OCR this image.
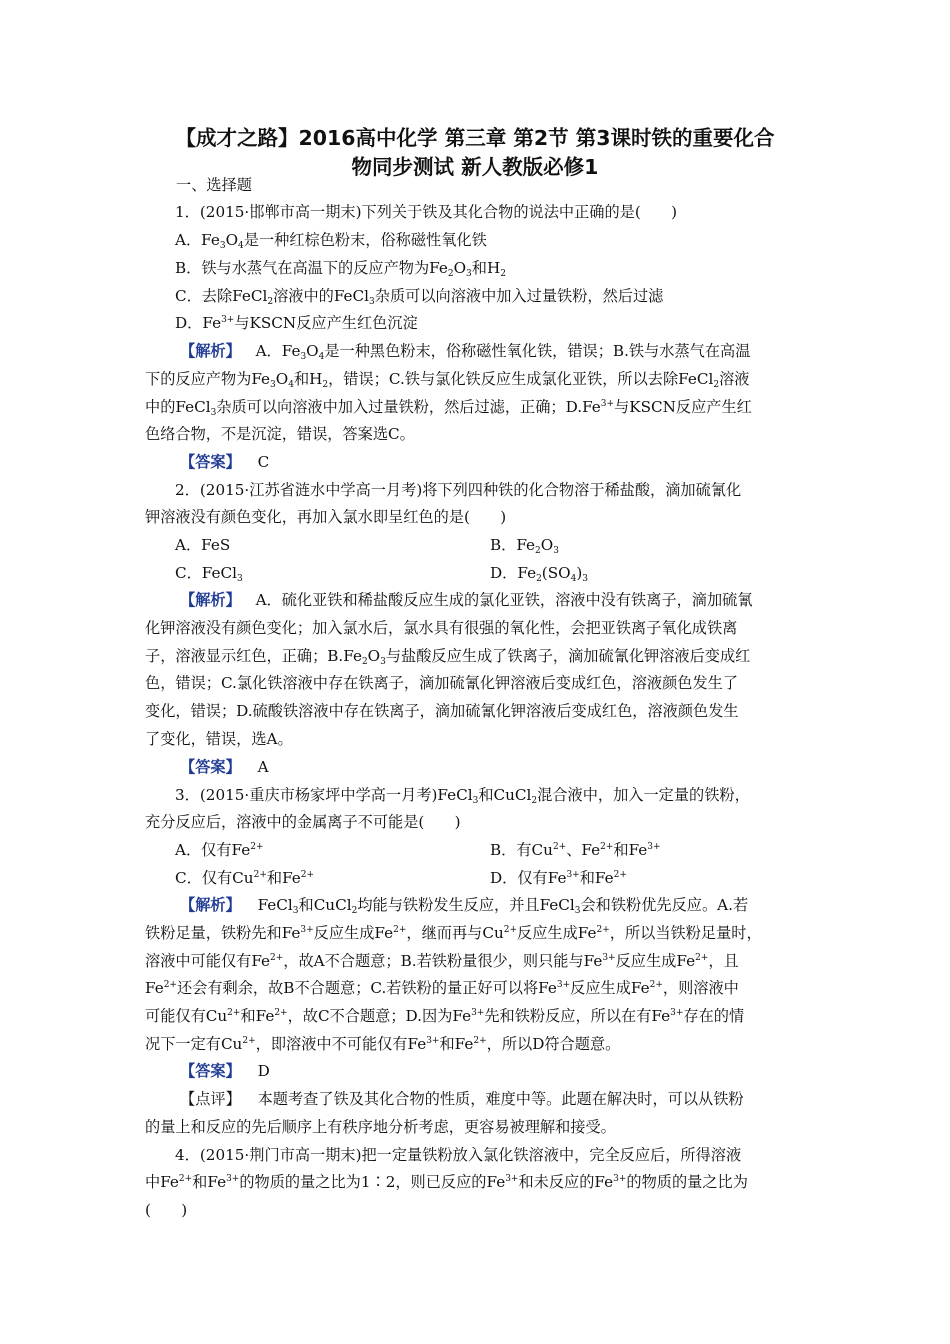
【成才之路】2016高中化学 第三章 第2节 第3课时铁的重要化合
物同步测试 新人教版必修1
一、选择题
1．(2015·邯郸市高一期末)下列关于铁及其化合物的说法中正确的是(　　)
A．$Fe_3O_4$是一种红棕色粉末，俗称磁性氧化铁
B．铁与水蒸气在高温下的反应产物为$Fe_2O_3$和$H_2$
C．去除FeCl$_2$溶液中的FeCl$_3$杂质可以向溶液中加入过量铁粉，然后过滤
D．$Fe^{3+}$与KSCN反应产生红色沉淀
【解析】 A．$Fe_3O_4$是一种黑色粉末，俗称磁性氧化铁，错误；B.铁与水蒸气在高温
下的反应产物为$Fe_3O_4$和$H_2$，错误；C.铁与氯化铁反应生成氯化亚铁，所以去除FeCl$_2$溶液
中的FeCl$_3$杂质可以向溶液中加入过量铁粉，然后过滤，正确；$D.Fe^{3+}$与KSCN反应产生红
色络合物，不是沉淀，错误，答案选C。
【答案】 C
2．(2015·江苏省涟水中学高一月考)将下列四种铁的化合物溶于稀盐酸，滴加硫氰化
钾溶液没有颜色变化，再加入氯水即呈红色的是(　　)
A．FeS	B．$Fe_2O_3$
C．FeCl$_3$	D．$Fe_2(SO_4)_3$
【解析】 A．硫化亚铁和稀盐酸反应生成的氯化亚铁，溶液中没有铁离子，滴加硫氰
化钾溶液没有颜色变化；加入氯水后，氯水具有很强的氧化性，会把亚铁离子氧化成铁离
子，溶液显示红色，正确；$B.Fe_2O_3$与盐酸反应生成了铁离子，滴加硫氰化钾溶液后变成红
色，错误；C.氯化铁溶液中存在铁离子，滴加硫氰化钾溶液后变成红色，溶液颜色发生了
变化，错误；D.硫酸铁溶液中存在铁离子，滴加硫氰化钾溶液后变成红色，溶液颜色发生
了变化，错误，选A。
【答案】 A
3．(2015·重庆市杨家坪中学高一月考)FeCl$_3$和CuCl$_2$混合液中，加入一定量的铁粉，
充分反应后，溶液中的金属离子不可能是(　　)
A．仅有$Fe^{2+}$	B．有$Cu^{2+}$、$Fe^{2+}$和$Fe^{3+}$
C．仅有$Cu^{2+}$和$Fe^{2+}$	D．仅有$Fe^{3+}$和$Fe^{2+}$
【解析】 FeCl$_3$和CuCl$_2$均能与铁粉发生反应，并且FeCl$_3$会和铁粉优先反应。A.若
铁粉足量，铁粉先和$Fe^{3+}$反应生成$Fe^{2+}$，继而再与$Cu^{2+}$反应生成$Fe^{2+}$，所以当铁粉足量时，
溶液中可能仅有$Fe^{2+}$，故A不合题意；B.若铁粉量很少，则只能与$Fe^{3+}$反应生成$Fe^{2+}$，且
$Fe^{2+}$还会有剩余，故B不合题意；C.若铁粉的量正好可以将$Fe^{3+}$反应生成$Fe^{2+}$，则溶液中
可能仅有$Cu^{2+}$和$Fe^{2+}$，故C不合题意；D.因为$Fe^{3+}$先和铁粉反应，所以在有$Fe^{3+}$存在的情
况下一定有$Cu^{2+}$，即溶液中不可能仅有$Fe^{3+}$和$Fe^{2+}$，所以D符合题意。
【答案】 D
【点评】 本题考查了铁及其化合物的性质，难度中等。此题在解决时，可以从铁粉
的量上和反应的先后顺序上有秩序地分析考虑，更容易被理解和接受。
4．(2015·荆门市高一期末)把一定量铁粉放入氯化铁溶液中，完全反应后，所得溶液
中$Fe^{2+}$和$Fe^{3+}$的物质的量之比为1∶2，则已反应的$Fe^{3+}$和未反应的$Fe^{3+}$的物质的量之比为
(　　)
